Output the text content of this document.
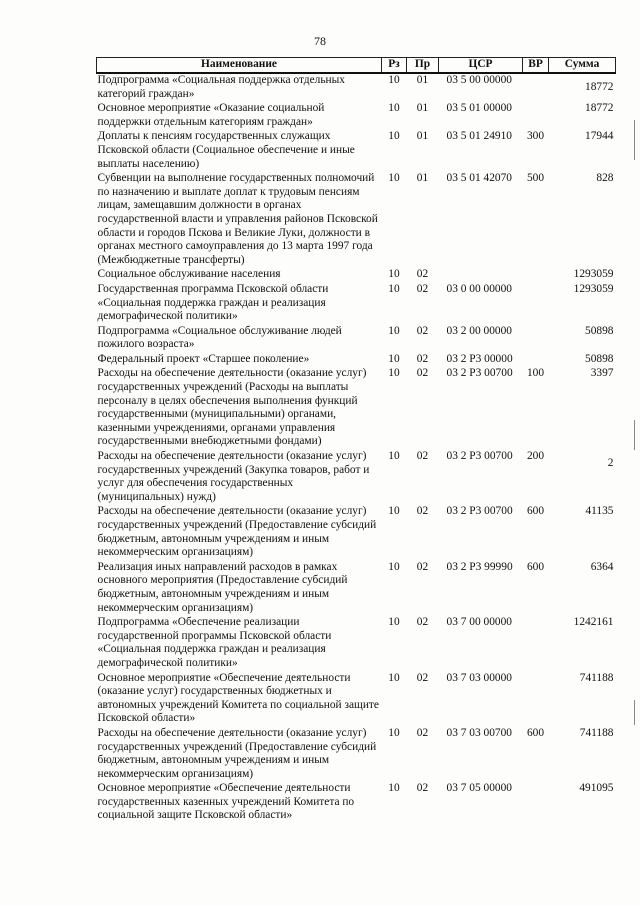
78
Наименование	Рз	Пр	ЦСР	ВР	Сумма
Подпрограмма «Социальная поддержка отдельных категорий граждан»	10	01	03 5 00 00000		18772
Основное мероприятие «Оказание социальной поддержки отдельным категориям граждан»	10	01	03 5 01 00000		18772
Доплаты к пенсиям государственных служащих Псковской области (Социальное обеспечение и иные выплаты населению)	10	01	03 5 01 24910	300	17944
Субвенции на выполнение государственных полномочий по назначению и выплате доплат к трудовым пенсиям лицам, замещавшим должности в органах государственной власти и управления районов Псковской области и городов Пскова и Великие Луки, должности в органах местного самоуправления до 13 марта 1997 года (Межбюджетные трансферты)	10	01	03 5 01 42070	500	828
Социальное обслуживание населения	10	02			1293059
Государственная программа Псковской области «Социальная поддержка граждан и реализация демографической политики»	10	02	03 0 00 00000		1293059
Подпрограмма «Социальное обслуживание людей пожилого возраста»	10	02	03 2 00 00000		50898
Федеральный проект «Старшее поколение»	10	02	03 2 Р3 00000		50898
Расходы на обеспечение деятельности (оказание услуг) государственных учреждений (Расходы на выплаты персоналу в целях обеспечения выполнения функций государственными (муниципальными) органами, казенными учреждениями, органами управления государственными внебюджетными фондами)	10	02	03 2 Р3 00700	100	3397
Расходы на обеспечение деятельности (оказание услуг) государственных учреждений (Закупка товаров, работ и услуг для обеспечения государственных (муниципальных) нужд)	10	02	03 2 Р3 00700	200	2
Расходы на обеспечение деятельности (оказание услуг) государственных учреждений (Предоставление субсидий бюджетным, автономным учреждениям и иным некоммерческим организациям)	10	02	03 2 Р3 00700	600	41135
Реализация иных направлений расходов в рамках основного мероприятия (Предоставление субсидий бюджетным, автономным учреждениям и иным некоммерческим организациям)	10	02	03 2 Р3 99990	600	6364
Подпрограмма «Обеспечение реализации государственной программы Псковской области «Социальная поддержка граждан и реализация демографической политики»	10	02	03 7 00 00000		1242161
Основное мероприятие «Обеспечение деятельности (оказание услуг) государственных бюджетных и автономных учреждений Комитета по социальной защите Псковской области»	10	02	03 7 03 00000		741188
Расходы на обеспечение деятельности (оказание услуг) государственных учреждений (Предоставление субсидий бюджетным, автономным учреждениям и иным некоммерческим организациям)	10	02	03 7 03 00700	600	741188
Основное мероприятие «Обеспечение деятельности государственных казенных учреждений Комитета по социальной защите Псковской области»	10	02	03 7 05 00000		491095
